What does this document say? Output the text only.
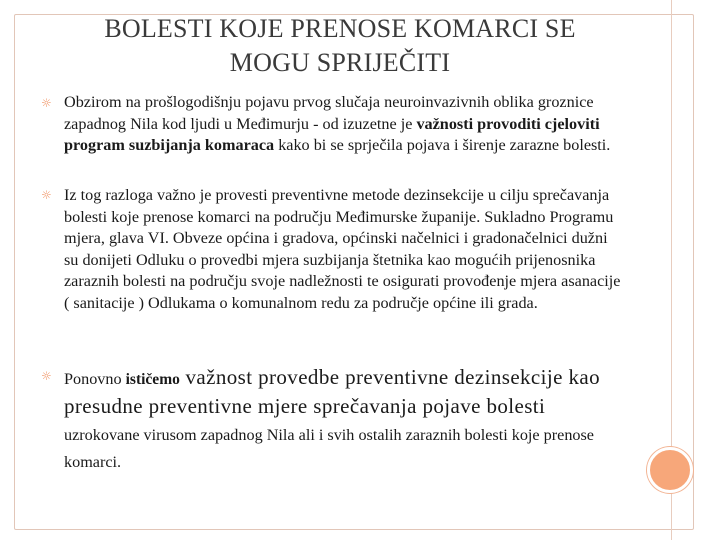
BOLESTI KOJE PRENOSE KOMARCI SE
MOGU SPRIJEČITI
☼ Obzirom na prošlogodišnju pojavu prvog slučaja neuroinvazivnih oblika groznice zapadnog Nila kod ljudi u Međimurju - od izuzetne je važnosti provoditi cjeloviti program suzbijanja komaraca kako bi se sprječila pojava i širenje zarazne bolesti.
☼ Iz tog razloga važno je provesti preventivne metode dezinsekcije u cilju sprečavanja bolesti koje prenose komarci na području Međimurske županije. Sukladno Programu mjera, glava VI. Obveze općina i gradova, općinski načelnici i gradonačelnici dužni su donijeti Odluku o provedbi mjera suzbijanja štetnika kao mogućih prijenosnika zaraznih bolesti na području svoje nadležnosti te osigurati provođenje mjera asanacije ( sanitacije ) Odlukama o komunalnom redu za područje općine ili grada.
☼ Ponovno ističemo važnost provedbe preventivne dezinsekcije kao presudne preventivne mjere sprečavanja pojave bolesti uzrokovane virusom zapadnog Nila ali i svih ostalih zaraznih bolesti koje prenose komarci.
